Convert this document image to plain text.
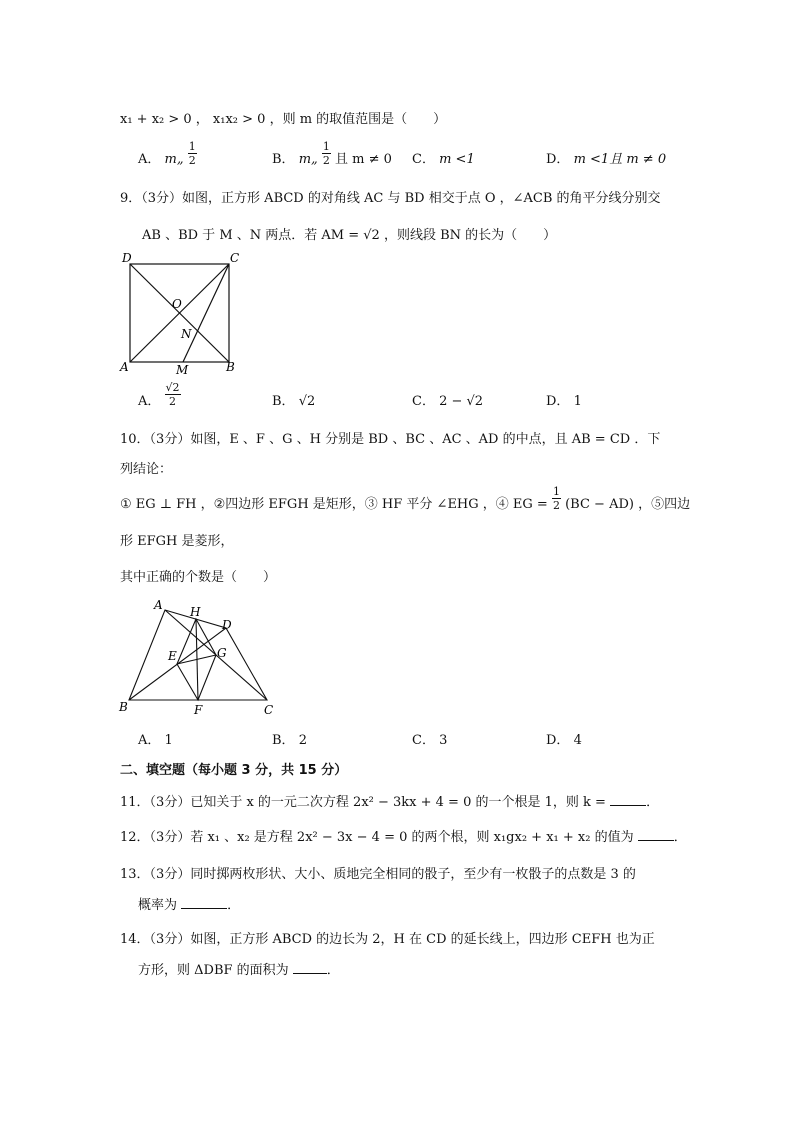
x₁ + x₂ > 0 ， x₁x₂ > 0 ，则 m 的取值范围是（　　）
A． m„ $\frac{1}{2}$	B． m„ $\frac{1}{2}$ 且 m ≠ 0 C． m <1	D． m <1且 m ≠ 0
9．（3分）如图，正方形 ABCD 的对角线 AC 与 BD 相交于点 O ，∠ACB 的角平分线分别交
AB 、BD 于 M 、N 两点．若 AM = √2 ，则线段 BN 的长为（　　）
D	C
A	B
O
N
M
A． $\frac{√2}{2}$	B． √2	C． 2 − √2	D． 1
10．（3分）如图，E 、F 、G 、H 分别是 BD 、BC 、AC 、AD 的中点，且 AB = CD ．下
列结论：
① EG ⊥ FH ，②四边形 EFGH 是矩形，③ HF 平分 ∠EHG ，④ EG = $\frac{1}{2} (BC - AD)$ ，⑤四边
形 EFGH 是菱形，
其中正确的个数是（　　）
A H
D
E	G
B	F	C
A． 1	B． 2	C． 3	D． 4
二、填空题（每小题 3 分，共 15 分）
11．（3分）已知关于 x 的一元二次方程 2x² − 3kx + 4 = 0 的一个根是 1，则 k =	．
12．（3分）若 x₁ 、x₂ 是方程 2x² − 3x − 4 = 0 的两个根，则 x₁gx₂ + x₁ + x₂ 的值为	．
13．（3分）同时掷两枚形状、大小、质地完全相同的骰子，至少有一枚骰子的点数是 3 的
概率为	．
14．（3分）如图，正方形 ABCD 的边长为 2，H 在 CD 的延长线上，四边形 CEFH 也为正
方形，则 ΔDBF 的面积为	．
